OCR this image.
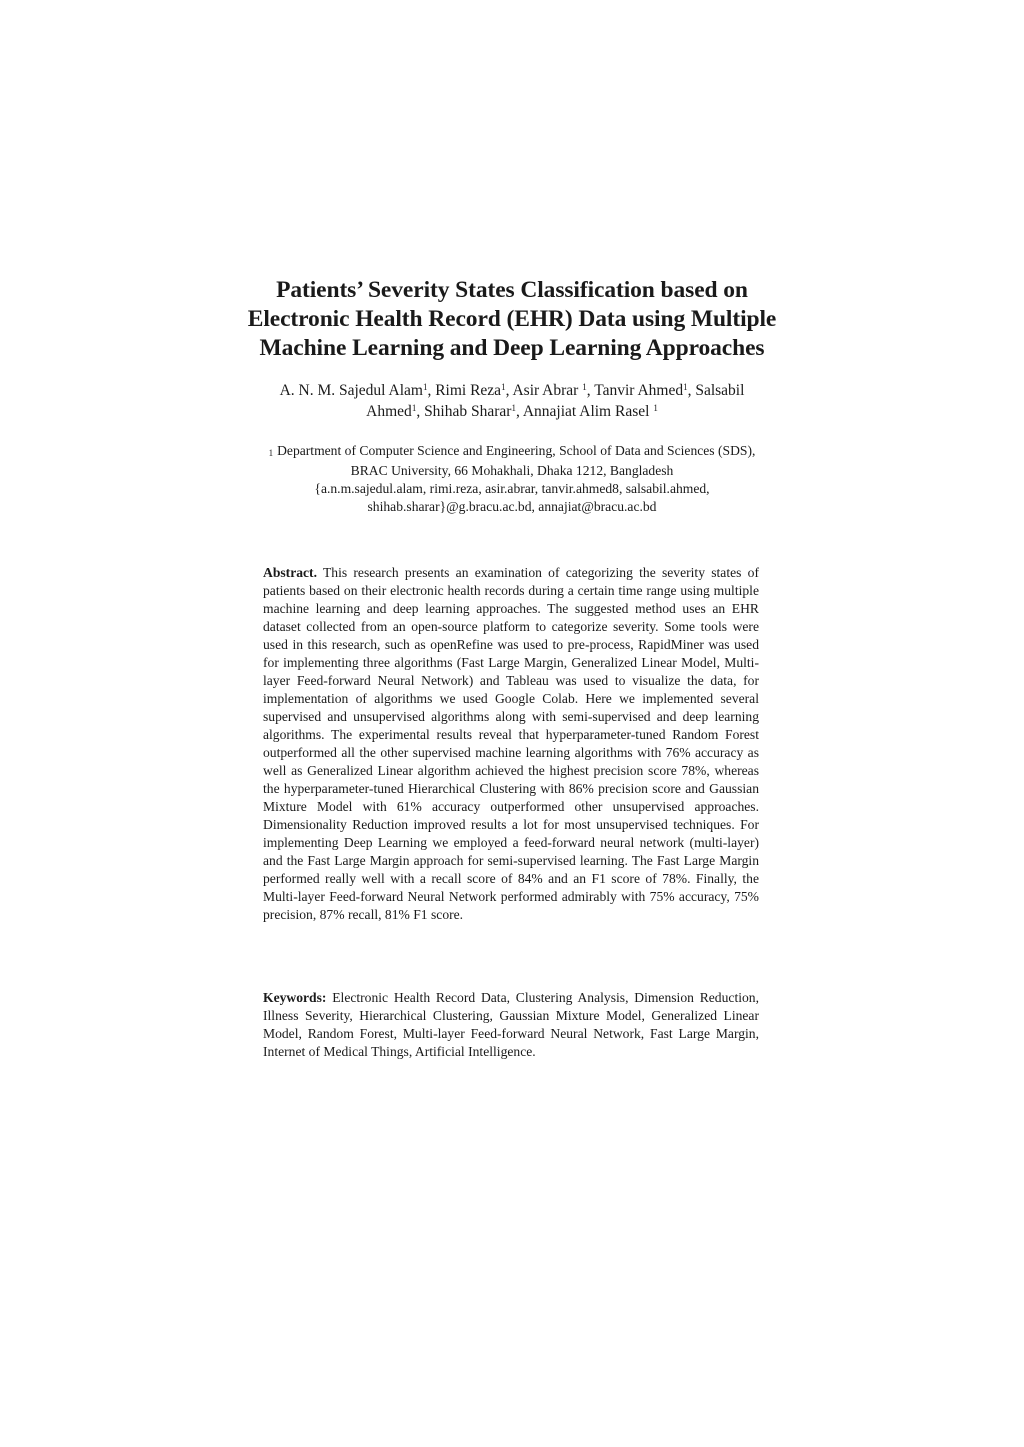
Patients’ Severity States Classification based on
Electronic Health Record (EHR) Data using Multiple
Machine Learning and Deep Learning Approaches
A. N. M. Sajedul Alam$^1$, Rimi Reza$^1$, Asir Abrar $^1$, Tanvir Ahmed$^1$, Salsabil
Ahmed$^1$, Shihab Sharar$^1$, Annajiat Alim Rasel $^1$
1 Department of Computer Science and Engineering, School of Data and Sciences (SDS),
BRAC University, 66 Mohakhali, Dhaka 1212, Bangladesh
{a.n.m.sajedul.alam, rimi.reza, asir.abrar, tanvir.ahmed8, salsabil.ahmed,
shihab.sharar}@g.bracu.ac.bd, annajiat@bracu.ac.bd
Abstract. This research presents an examination of categorizing the severity states of patients based on their electronic health records during a certain time range using multiple machine learning and deep learning approaches. The suggested method uses an EHR dataset collected from an open-source platform to categorize severity. Some tools were used in this research, such as openRefine was used to pre-process, RapidMiner was used for implementing three algorithms (Fast Large Margin, Generalized Linear Model, Multi-layer Feed-forward Neural Network) and Tableau was used to visualize the data, for implementation of algorithms we used Google Colab. Here we implemented several supervised and unsupervised algorithms along with semi-supervised and deep learning algorithms. The experimental results reveal that hyperparameter-tuned Random Forest outperformed all the other supervised machine learning algorithms with 76% accuracy as well as Generalized Linear algorithm achieved the highest precision score 78%, whereas the hyperparameter-tuned Hierarchical Clustering with 86% precision score and Gaussian Mixture Model with 61% accuracy outperformed other unsupervised approaches. Dimensionality Reduction improved results a lot for most unsupervised techniques. For implementing Deep Learning we employed a feed-forward neural network (multi-layer) and the Fast Large Margin approach for semi-supervised learning. The Fast Large Margin performed really well with a recall score of 84% and an F1 score of 78%. Finally, the Multi-layer Feed-forward Neural Network performed admirably with 75% accuracy, 75% precision, 87% recall, 81% F1 score.
Keywords: Electronic Health Record Data, Clustering Analysis, Dimension Reduction, Illness Severity, Hierarchical Clustering, Gaussian Mixture Model, Generalized Linear Model, Random Forest, Multi-layer Feed-forward Neural Network, Fast Large Margin, Internet of Medical Things, Artificial Intelligence.
